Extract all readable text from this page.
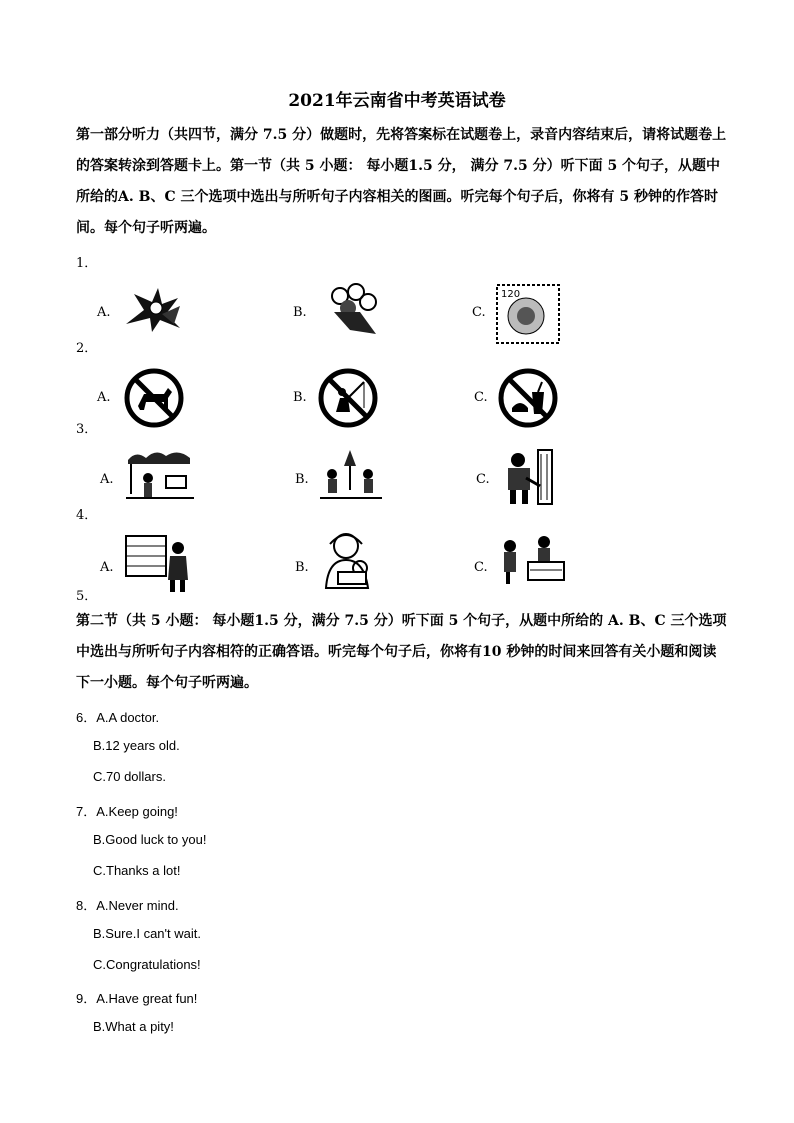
2021年云南省中考英语试卷

第一部分听力（共四节，满分 7.5 分）做题时，先将答案标在试题卷上，录音内容结束后，请将试题卷上的答案转涂到答题卡上。第一节（共 5 小题： 每小题1.5 分， 满分 7.5 分）听下面 5 个句子，从题中所给的A. B、C 三个选项中选出与所听句子内容相关的图画。听完每个句子后，你将有 5 秒钟的作答时间。每个句子听两遍。

1．
A.	B.	C.
120
2．
A.	B.	C.
3．
A.	B.	C.
4．
A.	B.	C.
5．

第二节（共 5 小题： 每小题1.5 分，满分 7.5 分）听下面 5 个句子，从题中所给的 A. B、C 三个选项中选出与所听句子内容相符的正确答语。听完每个句子后，你将有10 秒钟的时间来回答有关小题和阅读下一小题。每个句子听两遍。

6．A.A doctor.
B.12 years old.
C.70 dollars.
7．A.Keep going!
B.Good luck to you!
C.Thanks a lot!
8．A.Never mind.
B.Sure.I can't wait.
C.Congratulations!
9．A.Have great fun!
B.What a pity!
